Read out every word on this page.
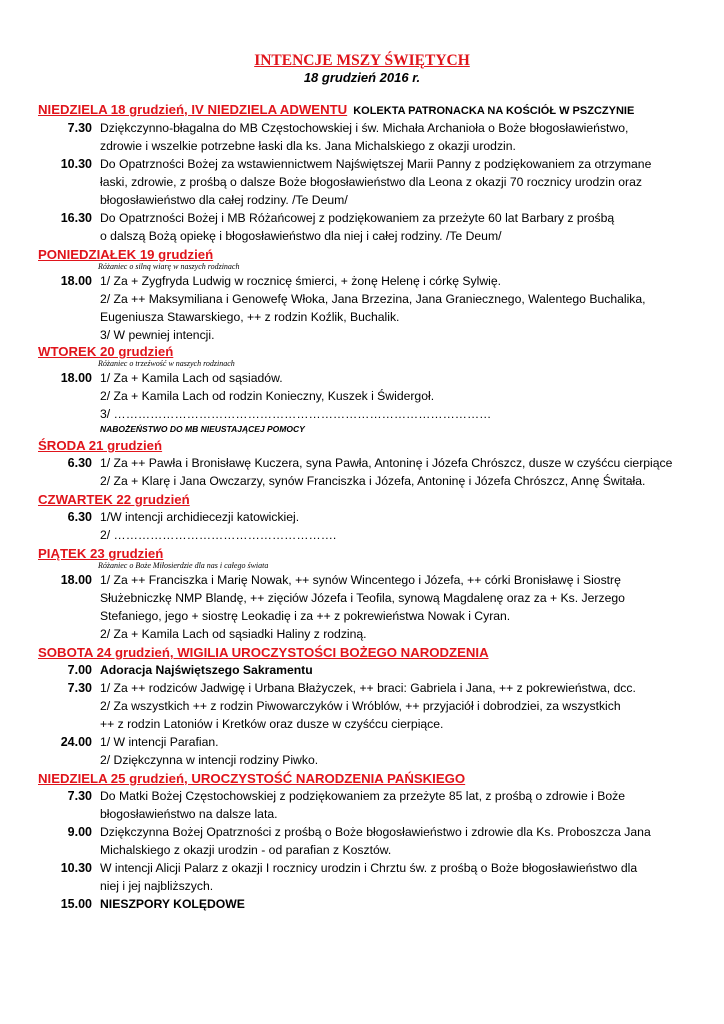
INTENCJE MSZY ŚWIĘTYCH
18 grudzień 2016 r.
NIEDZIELA 18 grudzień, IV NIEDZIELA ADWENTU KOLEKTA PATRONACKA NA KOŚCIÓŁ W PSZCZYNIE
7.30 Dziękczynno-błagalna do MB Częstochowskiej i św. Michała Archanioła o Boże błogosławieństwo,
zdrowie i wszelkie potrzebne łaski dla ks. Jana Michalskiego z okazji urodzin.
10.30 Do Opatrzności Bożej za wstawiennictwem Najświętszej Marii Panny z podziękowaniem za otrzymane
łaski, zdrowie, z prośbą o dalsze Boże błogosławieństwo dla Leona z okazji 70 rocznicy urodzin oraz
błogosławieństwo dla całej rodziny. /Te Deum/
16.30 Do Opatrzności Bożej i MB Różańcowej z podziękowaniem za przeżyte 60 lat Barbary z prośbą
o dalszą Bożą opiekę i błogosławieństwo dla niej i całej rodziny. /Te Deum/
PONIEDZIAŁEK 19 grudzień
Różaniec o silną wiarę w naszych rodzinach
18.00 1/ Za + Zygfryda Ludwig w rocznicę śmierci, + żonę Helenę i córkę Sylwię.
2/ Za ++ Maksymiliana i Genowefę Włoka, Jana Brzezina, Jana Graniecznego, Walentego Buchalika,
Eugeniusza Stawarskiego, ++ z rodzin Koźlik, Buchalik.
3/ W pewniej intencji.
WTOREK 20 grudzień
Różaniec o trzeźwość w naszych rodzinach
18.00 1/ Za + Kamila Lach od sąsiadów.
2/ Za + Kamila Lach od rodzin Konieczny, Kuszek i Świdergoł.
3/ …………………………………………………………………………………
NABOŻEŃSTWO DO MB NIEUSTAJĄCEJ POMOCY
ŚRODA 21 grudzień
6.30 1/ Za ++ Pawła i Bronisławę Kuczera, syna Pawła, Antoninę i Józefa Chrószcz, dusze w czyśćcu cierpiące
2/ Za + Klarę i Jana Owczarzy, synów Franciszka i Józefa, Antoninę i Józefa Chrószcz, Annę Świtała.
CZWARTEK 22 grudzień
6.30 1/W intencji archidiecezji katowickiej.
2/ ……………………………………………….
PIĄTEK 23 grudzień
Różaniec o Boże Miłosierdzie dla nas i całego świata
18.00 1/ Za ++ Franciszka i Marię Nowak, ++ synów Wincentego i Józefa, ++ córki Bronisławę i Siostrę
Służebniczkę NMP Blandę, ++ zięciów Józefa i Teofila, synową Magdalenę oraz za + Ks. Jerzego
Stefaniego, jego + siostrę Leokadię i za ++ z pokrewieństwa Nowak i Cyran.
2/ Za + Kamila Lach od sąsiadki Haliny z rodziną.
SOBOTA 24 grudzień, WIGILIA UROCZYSTOŚCI BOŻEGO NARODZENIA
7.00 Adoracja Najświętszego Sakramentu
7.30 1/ Za ++ rodziców Jadwigę i Urbana Błażyczek, ++ braci: Gabriela i Jana, ++ z pokrewieństwa, dcc.
2/ Za wszystkich ++ z rodzin Piwowarczyków i Wróblów, ++ przyjaciół i dobrodziei, za wszystkich
++ z rodzin Latoniów i Kretków oraz dusze w czyśćcu cierpiące.
24.00 1/ W intencji Parafian.
2/ Dziękczynna w intencji rodziny Piwko.
NIEDZIELA 25 grudzień, UROCZYSTOŚĆ NARODZENIA PAŃSKIEGO
7.30 Do Matki Bożej Częstochowskiej z podziękowaniem za przeżyte 85 lat, z prośbą o zdrowie i Boże
błogosławieństwo na dalsze lata.
9.00 Dziękczynna Bożej Opatrzności z prośbą o Boże błogosławieństwo i zdrowie dla Ks. Proboszcza Jana
Michalskiego z okazji urodzin - od parafian z Kosztów.
10.30 W intencji Alicji Palarz z okazji I rocznicy urodzin i Chrztu św. z prośbą o Boże błogosławieństwo dla
niej i jej najbliższych.
15.00 NIESZPORY KOLĘDOWE
